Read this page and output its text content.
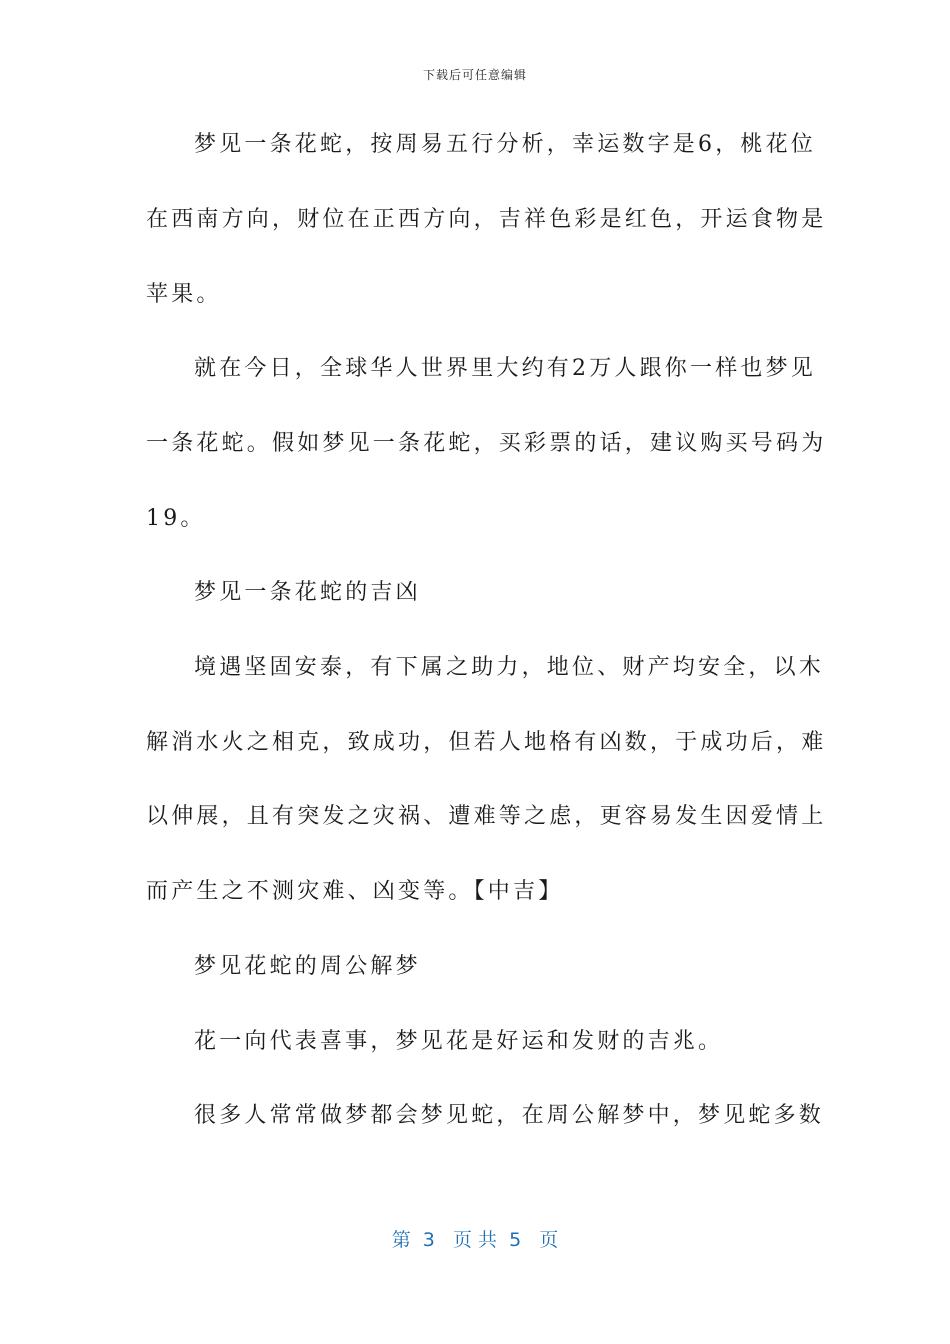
下载后可任意编辑
梦见一条花蛇，按周易五行分析，幸运数字是6，桃花位
在西南方向，财位在正西方向，吉祥色彩是红色，开运食物是
苹果。
就在今日，全球华人世界里大约有2万人跟你一样也梦见
一条花蛇。假如梦见一条花蛇，买彩票的话，建议购买号码为
19。
梦见一条花蛇的吉凶
境遇坚固安泰，有下属之助力，地位、财产均安全，以木
解消水火之相克，致成功，但若人地格有凶数，于成功后，难
以伸展，且有突发之灾祸、遭难等之虑，更容易发生因爱情上
而产生之不测灾难、凶变等。【中吉】
梦见花蛇的周公解梦
花一向代表喜事，梦见花是好运和发财的吉兆。
很多人常常做梦都会梦见蛇，在周公解梦中，梦见蛇多数
第  3   页 共  5   页
